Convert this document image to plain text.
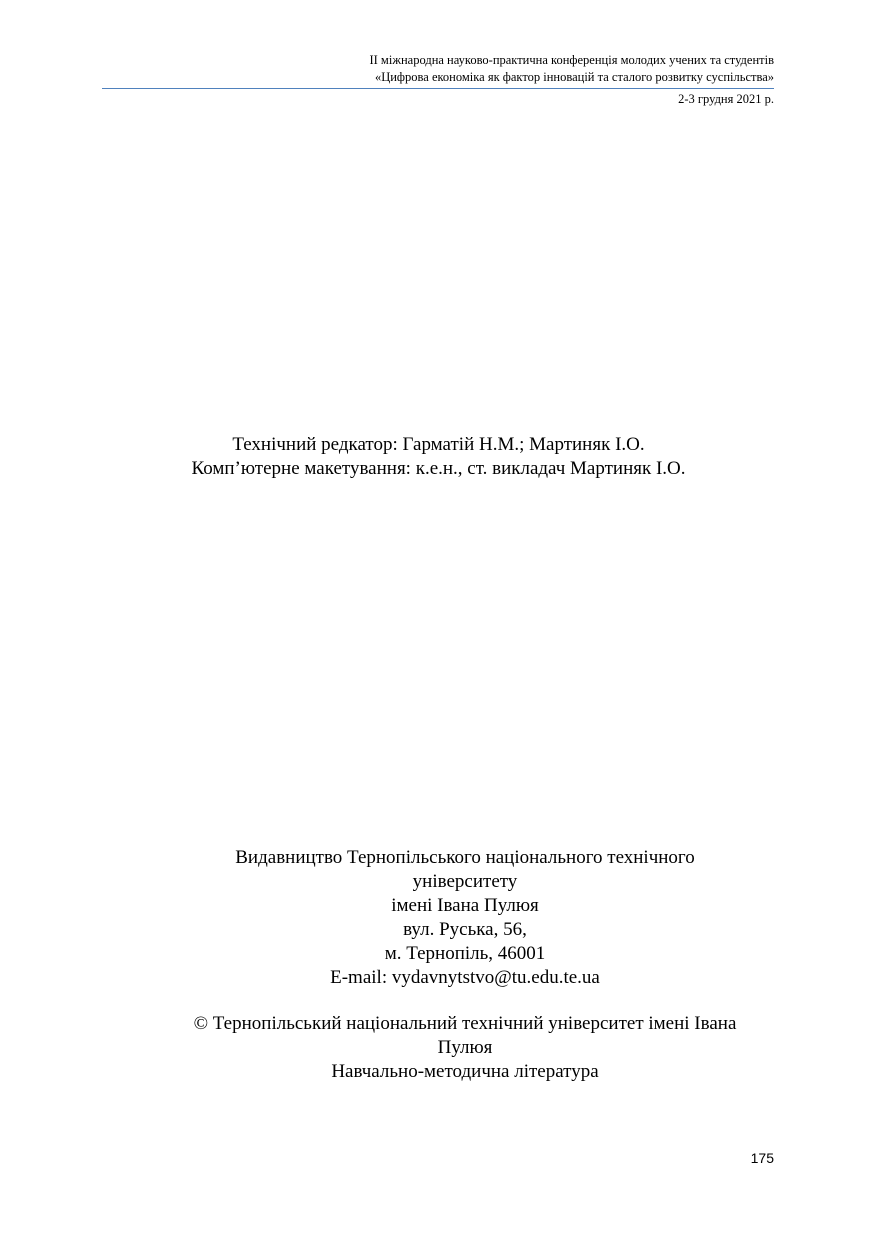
II міжнародна науково-практична конференція молодих учених та студентів
«Цифрова економіка як фактор інновацій та сталого розвитку суспільства»
2-3 грудня 2021 р.
Технічний редкатор: Гарматій Н.М.; Мартиняк І.О.
Комп’ютерне макетування: к.е.н., ст. викладач Мартиняк І.О.
Видавництво Тернопільського національного технічного
університету
імені Івана Пулюя
вул. Руська, 56,
м. Тернопіль, 46001
E-mail: vydavnytstvo@tu.edu.te.ua
© Тернопільський національний технічний університет імені Івана
Пулюя
Навчально-методична література
175
